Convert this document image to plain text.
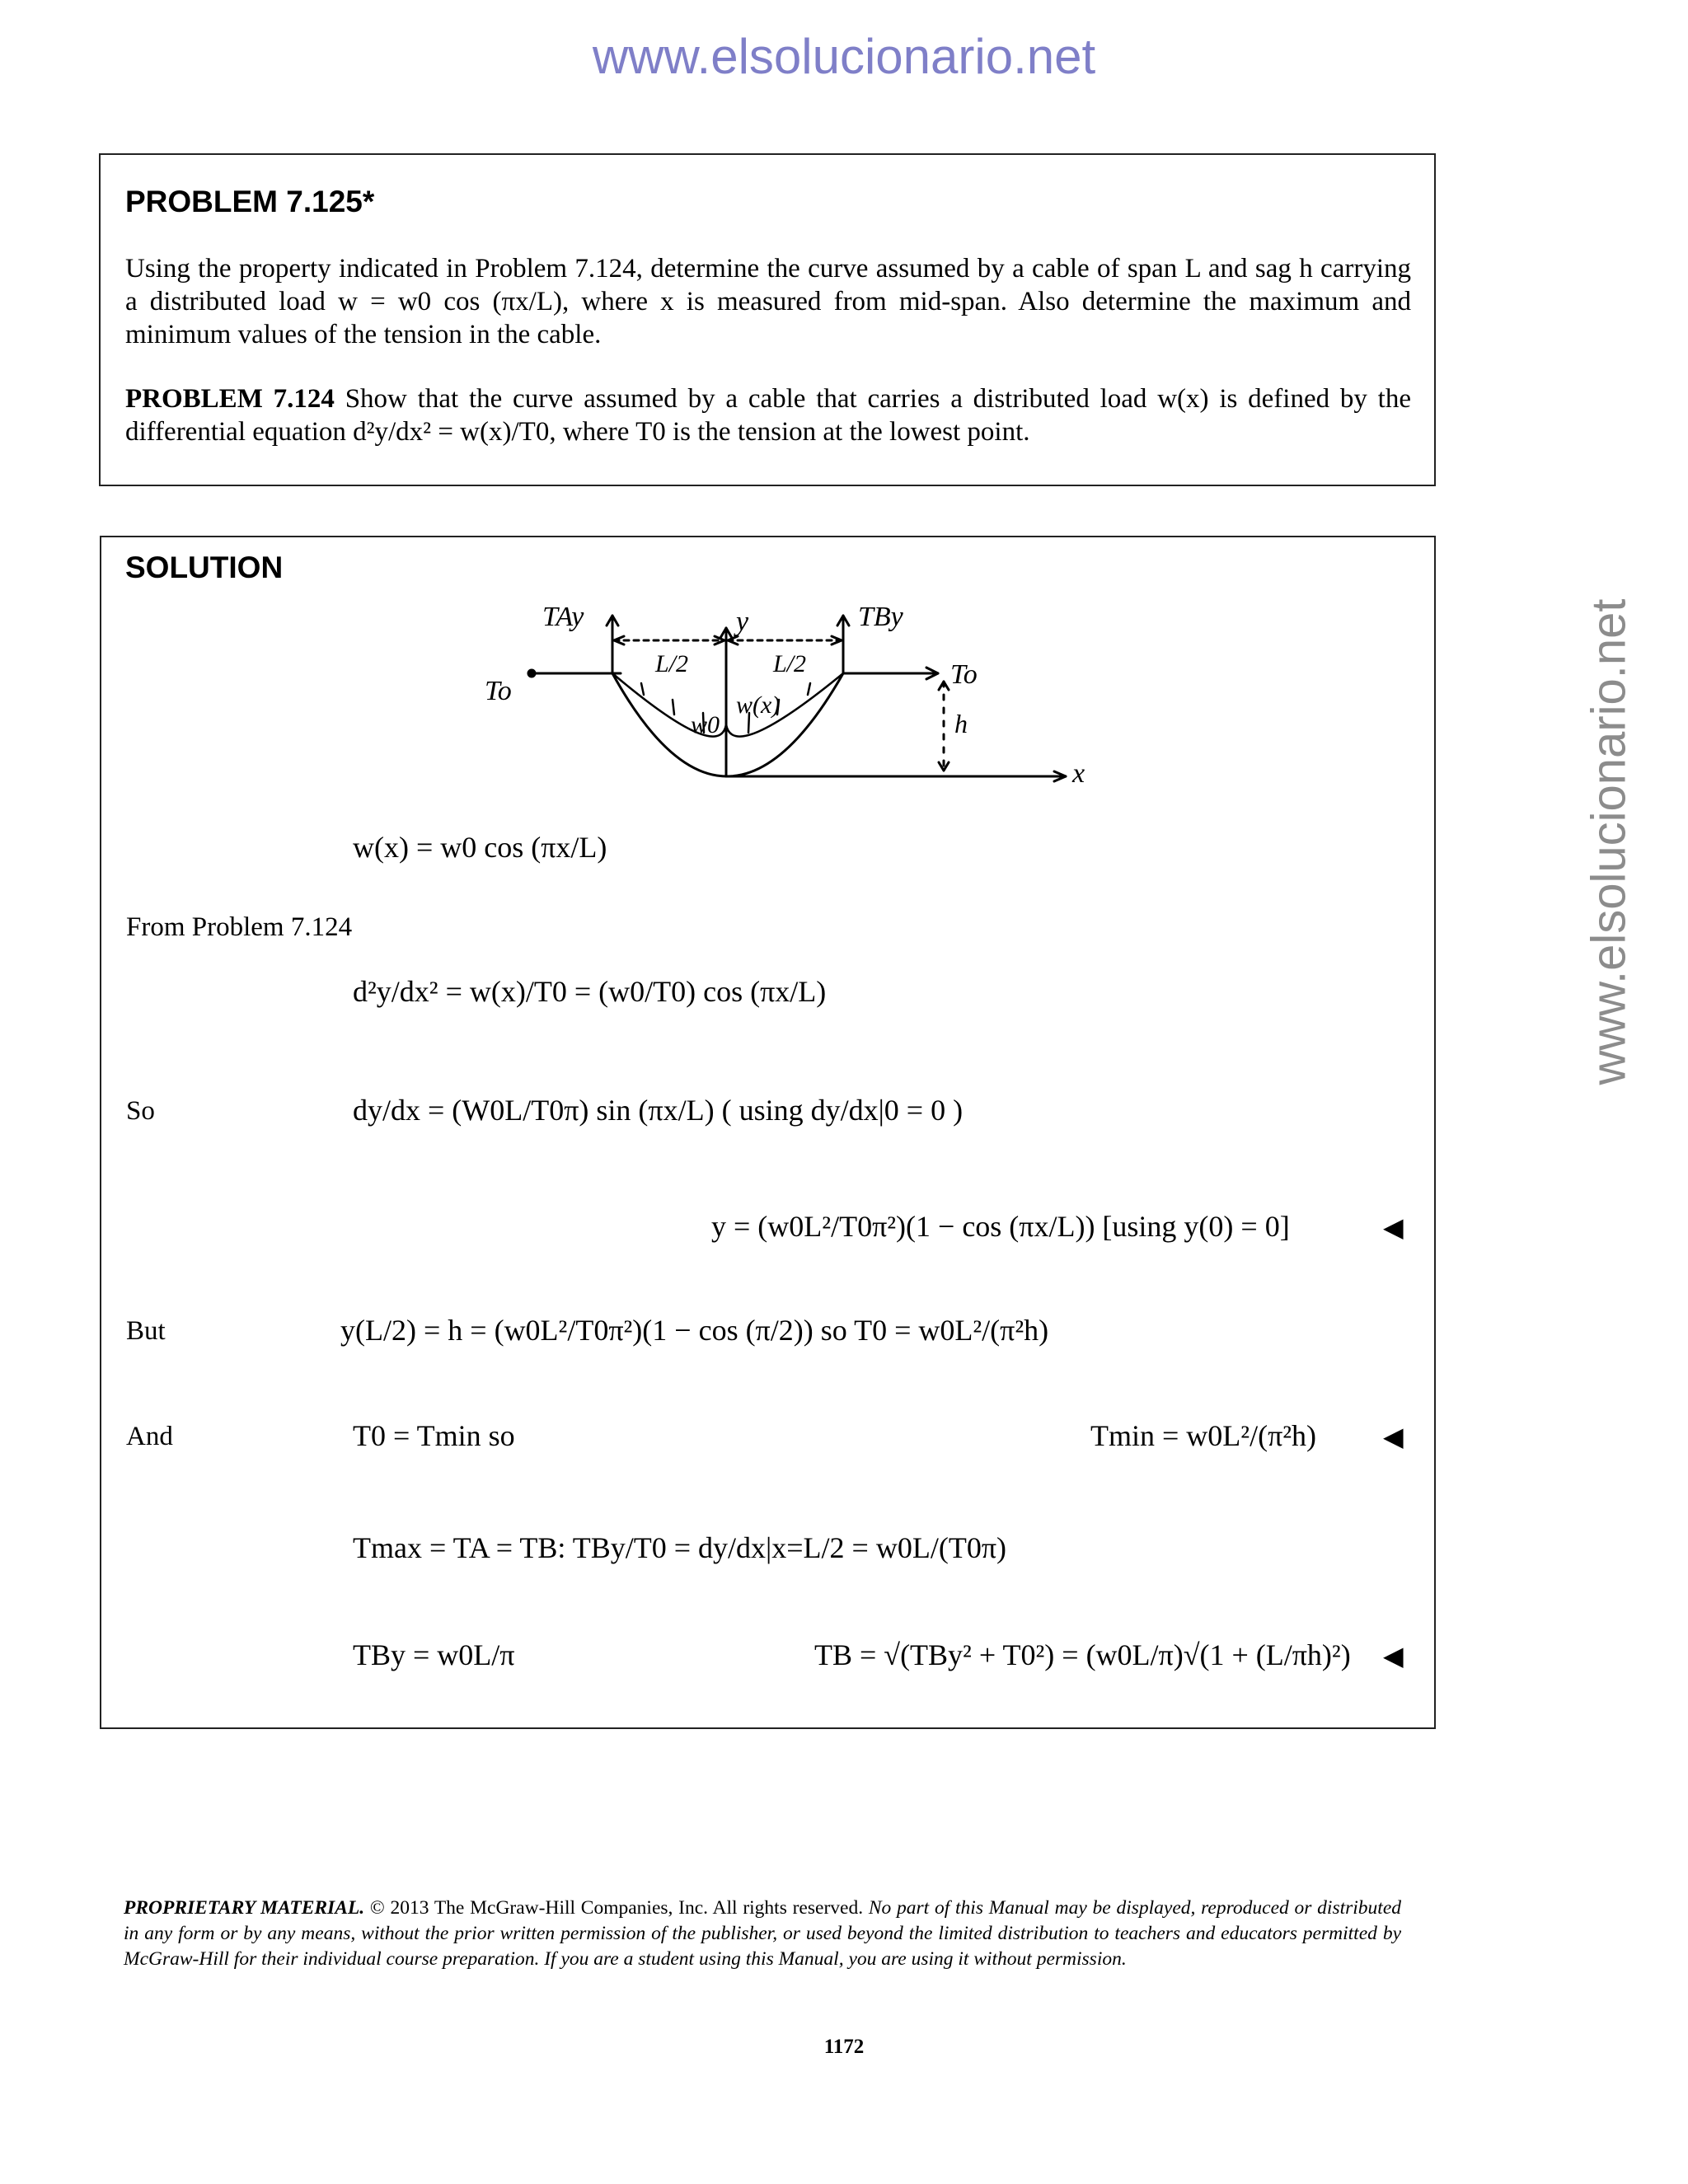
www.elsolucionario.net
www.elsolucionario.net
PROBLEM 7.125*

Using the property indicated in Problem 7.124, determine the curve assumed by a cable of span L and sag h carrying a distributed load w = w0 cos (πx/L), where x is measured from mid-span. Also determine the maximum and minimum values of the tension in the cable.

PROBLEM 7.124 Show that the curve assumed by a cable that carries a distributed load w(x) is defined by the differential equation d²y/dx² = w(x)/T0, where T0 is the tension at the lowest point.

SOLUTION
TAy	TBy
To
To
y
x
L/2	L/2
w(x)
w0	h
w(x) = w0 cos (πx/L)
From Problem 7.124
d²y/dx² = w(x)/T0 = (w0/T0) cos (πx/L)
So	dy/dx = (W0L/T0π) sin (πx/L) ( using dy/dx|0 = 0 )
y = (w0L²/T0π²)(1 − cos (πx/L)) [using y(0) = 0]	◀
But	y(L/2) = h = (w0L²/T0π²)(1 − cos (π/2)) so T0 = w0L²/(π²h)
And	T0 = Tmin so	Tmin = w0L²/(π²h)	◀
Tmax = TA = TB: TBy/T0 = dy/dx|x=L/2 = w0L/(T0π)
TBy = w0L/π	TB = √(TBy² + T0²) = (w0L/π)√(1 + (L/πh)²) ◀

PROPRIETARY MATERIAL. © 2013 The McGraw-Hill Companies, Inc. All rights reserved. No part of this Manual may be displayed, reproduced or distributed in any form or by any means, without the prior written permission of the publisher, or used beyond the limited distribution to teachers and educators permitted by McGraw-Hill for their individual course preparation. If you are a student using this Manual, you are using it without permission.

1172
